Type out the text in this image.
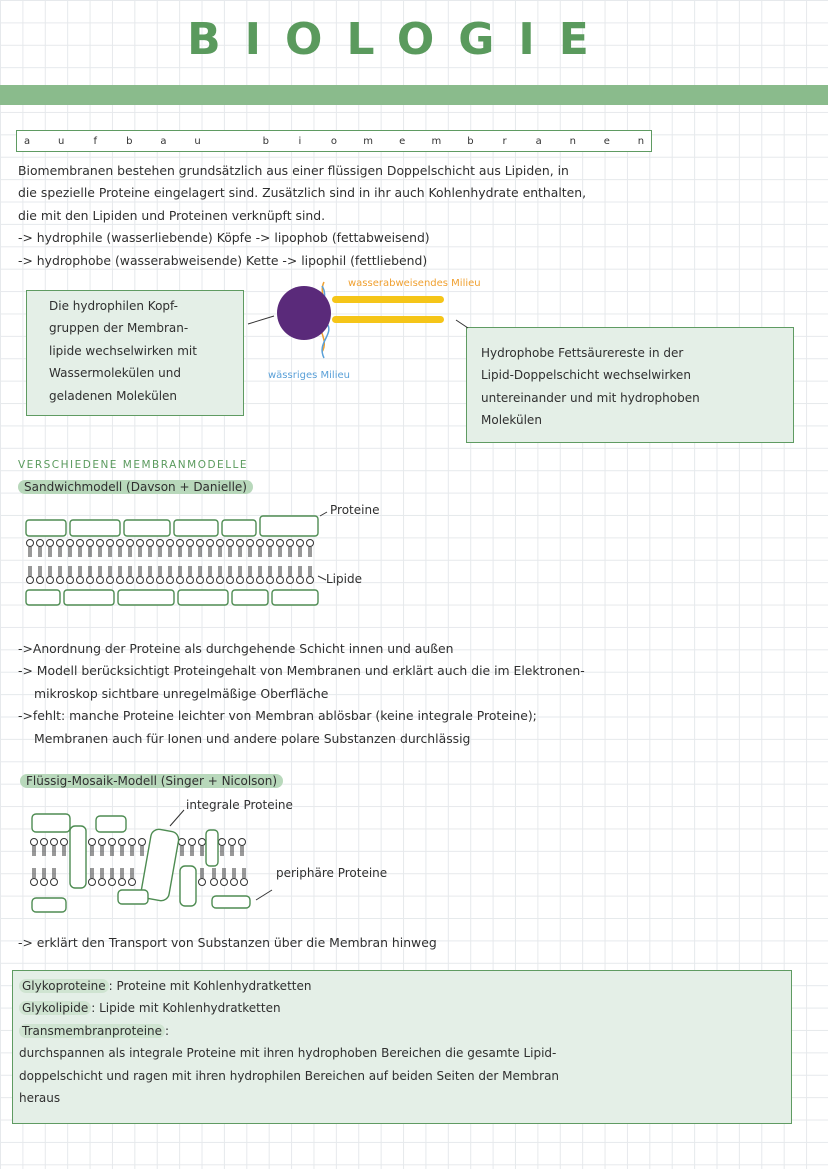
BIOLOGIE
a	u	f	b	a	u	b	i	o	m	e	m	b	r	a	n	e	n
Biomembranen bestehen grundsätzlich aus einer flüssigen Doppelschicht aus Lipiden, in
die spezielle Proteine eingelagert sind. Zusätzlich sind in ihr auch Kohlenhydrate enthalten,
die mit den Lipiden und Proteinen verknüpft sind.
-> hydrophile (wasserliebende) Köpfe -> lipophob (fettabweisend)
-> hydrophobe (wasserabweisende) Kette -> lipophil (fettliebend)
Die hydrophilen Kopf-
gruppen der Membran-
lipide wechselwirken mit
Wassermolekülen und
geladenen Molekülen
Hydrophobe Fettsäurereste in der
Lipid-Doppelschicht wechselwirken
untereinander und mit hydrophoben
Molekülen
wasserabweisendes Milieu
wässriges Milieu
VERSCHIEDENE MEMBRANMODELLE
Sandwichmodell (Davson + Danielle)
Proteine
Lipide
->Anordnung der Proteine als durchgehende Schicht innen und außen
-> Modell berücksichtigt Proteingehalt von Membranen und erklärt auch die im Elektronen-
mikroskop sichtbare unregelmäßige Oberfläche
->fehlt: manche Proteine leichter von Membran ablösbar (keine integrale Proteine);
Membranen auch für Ionen und andere polare Substanzen durchlässig
Flüssig-Mosaik-Modell (Singer + Nicolson)
integrale Proteine
periphäre Proteine
-> erklärt den Transport von Substanzen über die Membran hinweg
Glykoproteine : Proteine mit Kohlenhydratketten
Glykolipide : Lipide mit Kohlenhydratketten
Transmembranproteine :
durchspannen als integrale Proteine mit ihren hydrophoben Bereichen die gesamte Lipid-
doppelschicht und ragen mit ihren hydrophilen Bereichen auf beiden Seiten der Membran
heraus
